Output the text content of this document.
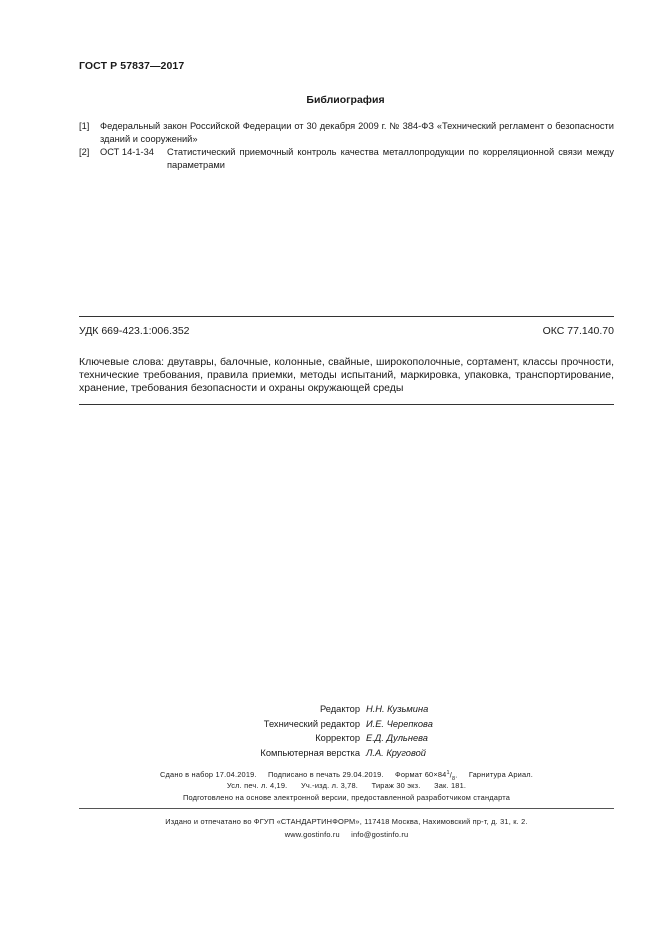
ГОСТ Р 57837—2017
Библиография
[1] Федеральный закон Российской Федерации от 30 декабря 2009 г. № 384-ФЗ «Технический регламент о безопасности зданий и сооружений»
[2] ОСТ 14-1-34 Статистический приемочный контроль качества металлопродукции по корреляционной связи между параметрами
УДК 669-423.1:006.352	ОКС 77.140.70
Ключевые слова: двутавры, балочные, колонные, свайные, широкополочные, сортамент, классы прочности, технические требования, правила приемки, методы испытаний, маркировка, упаковка, транспортирование, хранение, требования безопасности и охраны окружающей среды
Редактор Н.Н. Кузьмина
Технический редактор И.Е. Черепкова
Корректор Е.Д. Дульнева
Компьютерная верстка Л.А. Круговой
Сдано в набор 17.04.2019. Подписано в печать 29.04.2019. Формат $60\times 84^1/_8$. Гарнитура Ариал.
Усл. печ. л. 4,19. Уч.-изд. л. 3,78. Тираж 30 экз. Зак. 181.
Подготовлено на основе электронной версии, предоставленной разработчиком стандарта
Издано и отпечатано во ФГУП «СТАНДАРТИНФОРМ», 117418 Москва, Нахимовский пр-т, д. 31, к. 2.
www.gostinfo.ru info@gostinfo.ru
